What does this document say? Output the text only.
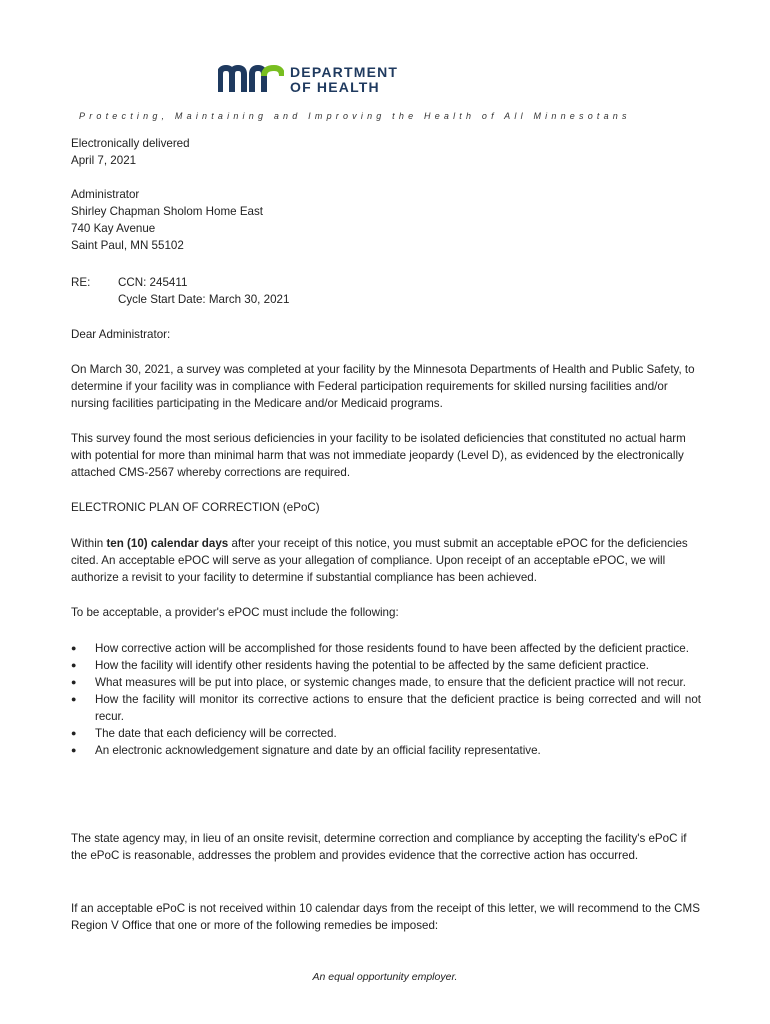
DEPARTMENT
OF HEALTH
Protecting, Maintaining and Improving the Health of All Minnesotans
Electronically delivered
April 7, 2021
Administrator
Shirley Chapman Sholom Home East
740 Kay Avenue
Saint Paul, MN 55102
RE: CCN: 245411
Cycle Start Date: March 30, 2021
Dear Administrator:

On March 30, 2021, a survey was completed at your facility by the Minnesota Departments of Health and Public Safety, to determine if your facility was in compliance with Federal participation requirements for skilled nursing facilities and/or nursing facilities participating in the Medicare and/or Medicaid programs.

This survey found the most serious deficiencies in your facility to be isolated deficiencies that constituted no actual harm with potential for more than minimal harm that was not immediate jeopardy (Level D), as evidenced by the electronically attached CMS-2567 whereby corrections are required.

ELECTRONIC PLAN OF CORRECTION (ePoC)

Within ten (10) calendar days after your receipt of this notice, you must submit an acceptable ePOC for the deficiencies cited. An acceptable ePOC will serve as your allegation of compliance. Upon receipt of an acceptable ePOC, we will authorize a revisit to your facility to determine if substantial compliance has been achieved.

To be acceptable, a provider's ePOC must include the following:

● How corrective action will be accomplished for those residents found to have been affected by the deficient practice.
● How the facility will identify other residents having the potential to be affected by the same deficient practice.
● What measures will be put into place, or systemic changes made, to ensure that the deficient practice will not recur.
● How the facility will monitor its corrective actions to ensure that the deficient practice is being corrected and will not recur.
● The date that each deficiency will be corrected.
● An electronic acknowledgement signature and date by an official facility representative.

The state agency may, in lieu of an onsite revisit, determine correction and compliance by accepting the facility's ePoC if the ePoC is reasonable, addresses the problem and provides evidence that the corrective action has occurred.

If an acceptable ePoC is not received within 10 calendar days from the receipt of this letter, we will recommend to the CMS Region V Office that one or more of the following remedies be imposed:

An equal opportunity employer.
